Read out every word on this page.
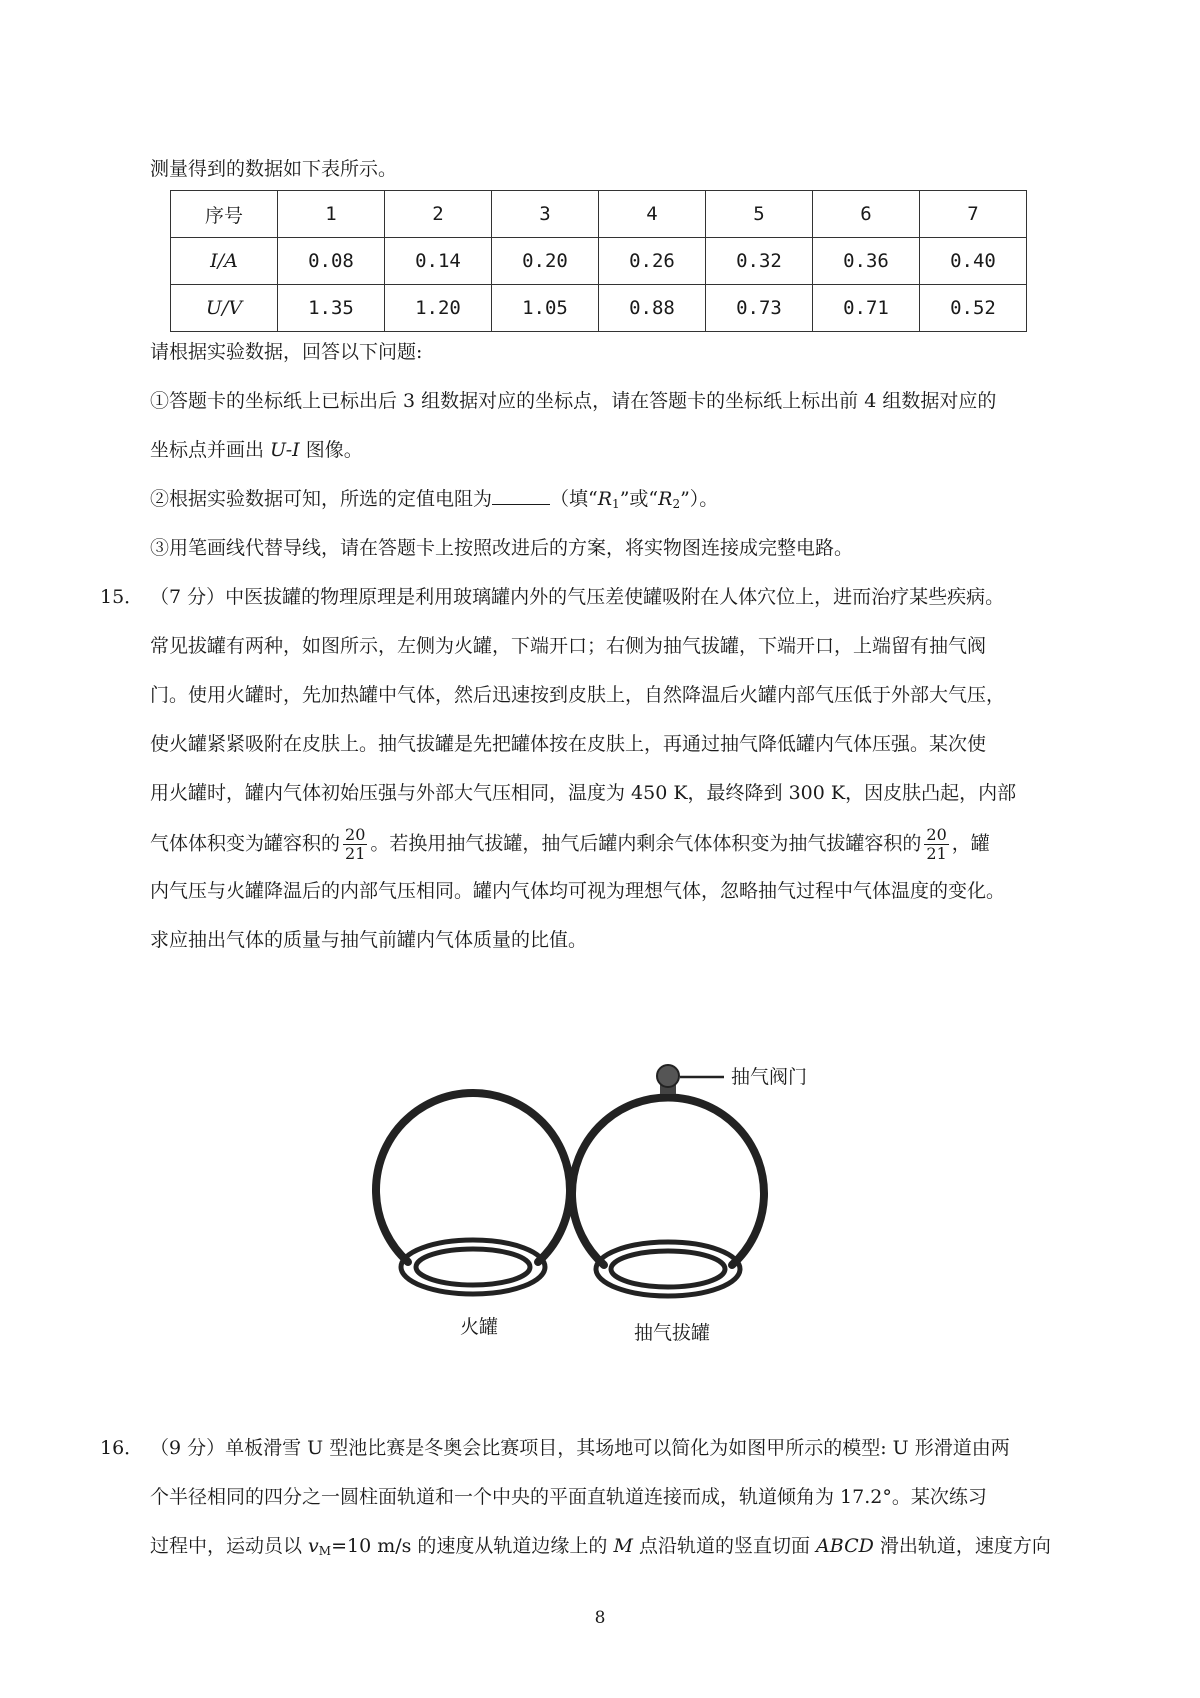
测量得到的数据如下表所示。
序号	1	2	3	4	5	6	7
I/A	0.08	0.14	0.20	0.26	0.32	0.36	0.40
U/V	1.35	1.20	1.05	0.88	0.73	0.71	0.52
请根据实验数据，回答以下问题:
①答题卡的坐标纸上已标出后 3 组数据对应的坐标点，请在答题卡的坐标纸上标出前 4 组数据对应的
坐标点并画出 U-I 图像。
②根据实验数据可知，所选的定值电阻为	（填“$R_1$”或“$R_2$”）。
③用笔画线代替导线，请在答题卡上按照改进后的方案，将实物图连接成完整电路。
15． （7 分）中医拔罐的物理原理是利用玻璃罐内外的气压差使罐吸附在人体穴位上，进而治疗某些疾病。
常见拔罐有两种，如图所示，左侧为火罐，下端开口；右侧为抽气拔罐，下端开口，上端留有抽气阀
门。使用火罐时，先加热罐中气体，然后迅速按到皮肤上，自然降温后火罐内部气压低于外部大气压，
使火罐紧紧吸附在皮肤上。抽气拔罐是先把罐体按在皮肤上，再通过抽气降低罐内气体压强。某次使
用火罐时，罐内气体初始压强与外部大气压相同，温度为 450 K，最终降到 300 K，因皮肤凸起，内部
气体体积变为罐容积的 $\frac{20}{21}$ 。若换用抽气拔罐，抽气后罐内剩余气体体积变为抽气拔罐容积的 $\frac{20}{21}$ ，罐
内气压与火罐降温后的内部气压相同。罐内气体均可视为理想气体，忽略抽气过程中气体温度的变化。
求应抽出气体的质量与抽气前罐内气体质量的比值。
抽气阀门
火罐	抽气拔罐
16． （9 分）单板滑雪 U 型池比赛是冬奥会比赛项目，其场地可以简化为如图甲所示的模型: U 形滑道由两
个半径相同的四分之一圆柱面轨道和一个中央的平面直轨道连接而成，轨道倾角为 17.2°。某次练习
过程中，运动员以 $v_M=10$ m/s 的速度从轨道边缘上的 M 点沿轨道的竖直切面 ABCD 滑出轨道，速度方向
8
